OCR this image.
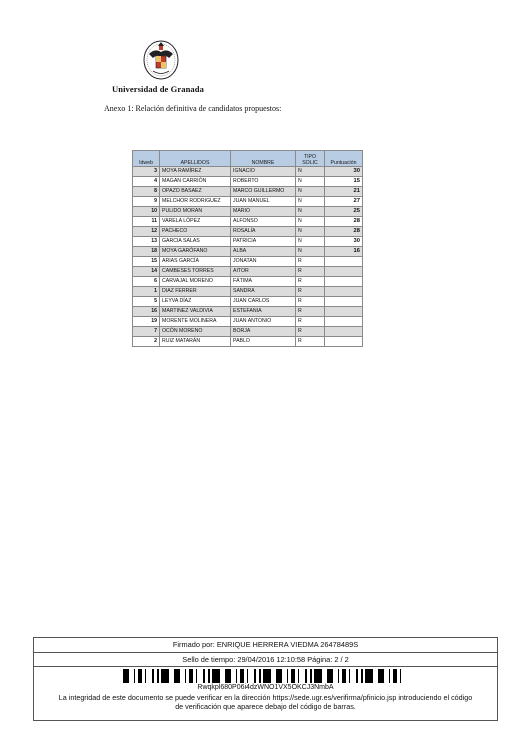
Universidad de Granada
Anexo 1: Relación definitiva de candidatos propuestos:
Idweb	APELLIDOS	NOMBRE	TIPO SOLIC	Puntuación
3	MOYA RAMÍREZ	IGNACIO	N	30
4	MAGAN CARRIÓN	ROBERTO	N	15
8	OPAZO BASAEZ	MARCO GUILLERMO	N	21
9	MELCHOR RODRIGUEZ	JUAN MANUEL	N	27
10	PULIDO MORAN	MARIO	N	25
11	VARELA LÓPEZ	ALFONSO	N	28
12	PACHECO	ROSALÍA	N	28
13	GARCIA SALAS	PATRICIA	N	30
18	MOYA GARÓFANO	ALBA	N	16
15	ARIAS GARCÍA	JONATAN	R	
14	CAMBESES TORRES	AITOR	R	
6	CARVAJAL MORENO	FÁTIMA	R	
1	DIAZ FERRER	SANDRA	R	
5	LEYVA DÍAZ	JUAN CARLOS	R	
16	MARTINEZ VALDIVIA	ESTEFANIA	R	
19	MORENTE MOLINERA	JUAN ANTONIO	R	
7	OCÓN MORENO	BORJA	R	
2	RUIZ MATARÁN	PABLO	R	
Firmado por: ENRIQUE HERRERA VIEDMA 26478489S
Sello de tiempo: 29/04/2016 12:10:58 Página: 2 / 2
Rwqkpl680P06i4dzWNO1VX5OKCJ3NmbA
La integridad de este documento se puede verificar en la dirección https://sede.ugr.es/verifirma/pfinicio.jsp introduciendo el código
de verificación que aparece debajo del código de barras.
